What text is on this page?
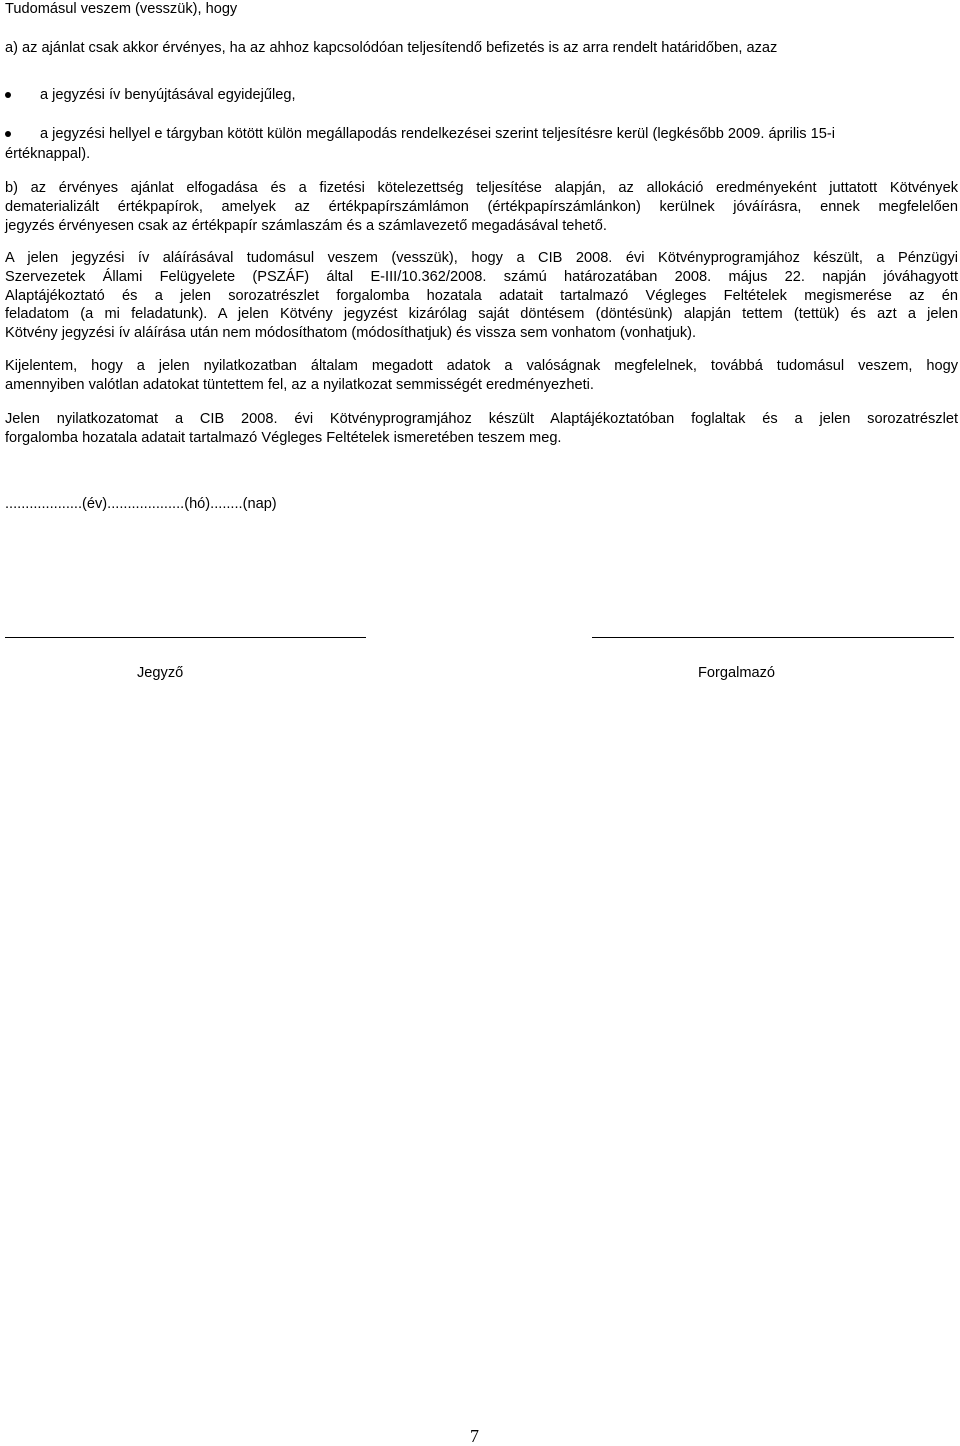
Tudomásul veszem (vesszük), hogy
a) az ajánlat csak akkor érvényes, ha az ahhoz kapcsolódóan teljesítendő befizetés is az arra rendelt határidőben, azaz
a jegyzési ív benyújtásával egyidejűleg,
a jegyzési hellyel e tárgyban kötött külön megállapodás rendelkezései szerint teljesítésre kerül (legkésőbb 2009. április 15-i
értéknappal).
b) az érvényes ajánlat elfogadása és a fizetési kötelezettség teljesítése alapján, az allokáció eredményeként juttatott Kötvények
dematerializált értékpapírok, amelyek az értékpapírszámlámon (értékpapírszámlánkon) kerülnek jóváírásra, ennek megfelelően
jegyzés érvényesen csak az értékpapír számlaszám és a számlavezető megadásával tehető.
A jelen jegyzési ív aláírásával tudomásul veszem (vesszük), hogy a CIB 2008. évi Kötvényprogramjához készült, a Pénzügyi
Szervezetek Állami Felügyelete (PSZÁF) által E-III/10.362/2008. számú határozatában 2008. május 22. napján jóváhagyott
Alaptájékoztató és a jelen sorozatrészlet forgalomba hozatala adatait tartalmazó Végleges Feltételek megismerése az én
feladatom (a mi feladatunk). A jelen Kötvény jegyzést kizárólag saját döntésem (döntésünk) alapján tettem (tettük) és azt a jelen
Kötvény jegyzési ív aláírása után nem módosíthatom (módosíthatjuk) és vissza sem vonhatom (vonhatjuk).
Kijelentem, hogy a jelen nyilatkozatban általam megadott adatok a valóságnak megfelelnek, továbbá tudomásul veszem, hogy
amennyiben valótlan adatokat tüntettem fel, az a nyilatkozat semmisségét eredményezheti.
Jelen nyilatkozatomat a CIB 2008. évi Kötvényprogramjához készült Alaptájékoztatóban foglaltak és a jelen sorozatrészlet
forgalomba hozatala adatait tartalmazó Végleges Feltételek ismeretében teszem meg.
...................(év)...................(hó)........(nap)
Jegyző	Forgalmazó
7
